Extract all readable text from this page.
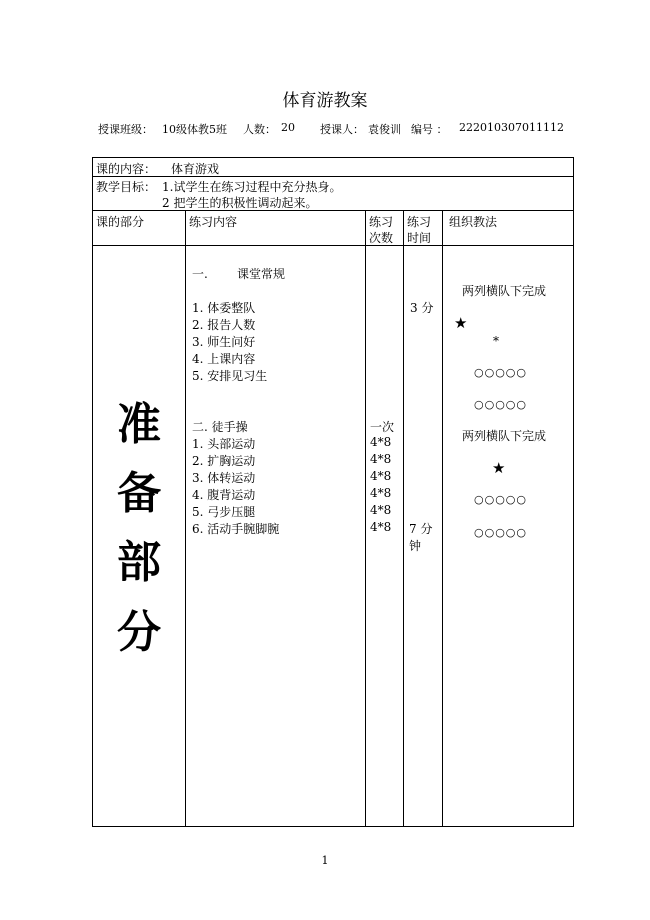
体育游教案
授课班级： 10级体教5班 人数： 20 授课人： 袁俊训 编号 ： 222010307011112
课的内容： 体育游戏
教学目标： 1.试学生在练习过程中充分热身。
2 把学生的积极性调动起来。
课的部分	练习内容	练习
次数
练习
时间
组织教法
准
备
部
分
一. 课堂常规
1. 体委整队
2. 报告人数
3. 师生问好
4. 上课内容
5. 安排见习生
3 分
二. 徒手操
1. 头部运动
2. 扩胸运动
3. 体转运动
4. 腹背运动
5. 弓步压腿
6. 活动手腕脚腕
一次
4*8
4*8
4*8
4*8
4*8
4*8 7 分
钟
两列横队下完成
★
*
○○○○○
○○○○○
两列横队下完成
★
○○○○○
○○○○○
1
